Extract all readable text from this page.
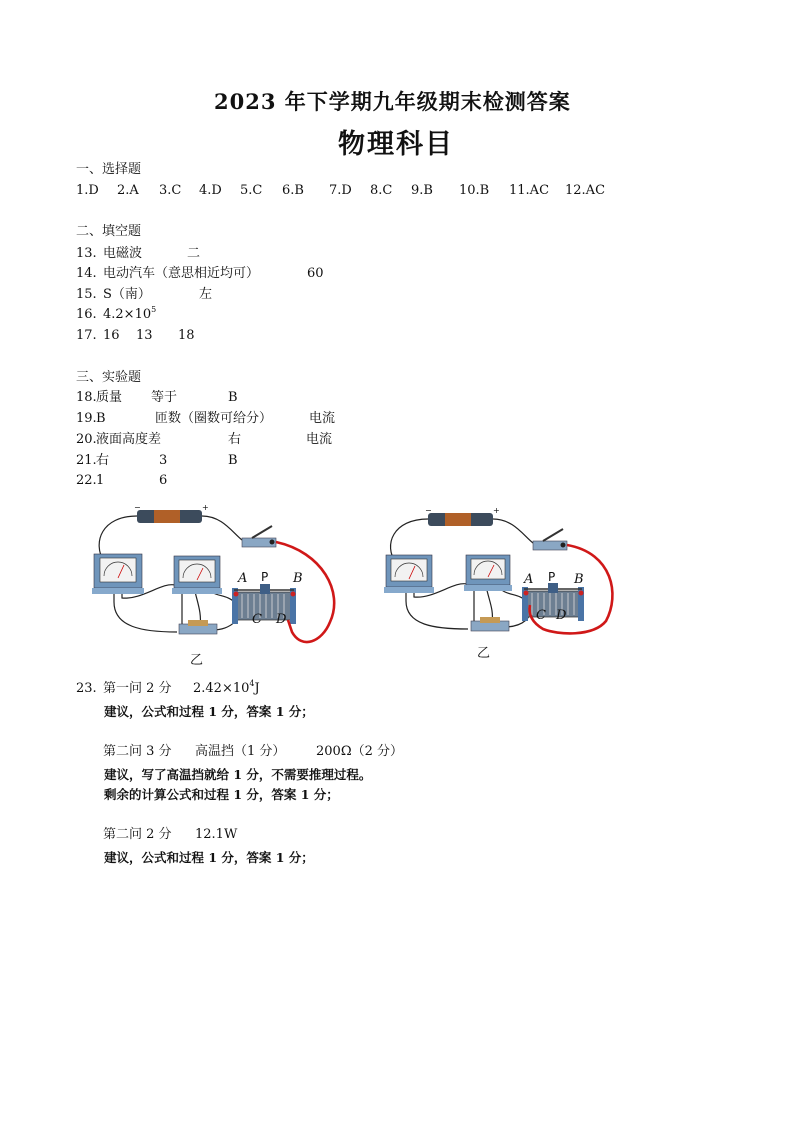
2023 年下学期九年级期末检测答案
物理科目
一、选择题
1.D 2.A 3.C 4.D 5.C 6.B 7.D 8.C 9.B 10.B 11.AC 12.AC
二、填空题
13. 电磁波	二
14. 电动汽车（意思相近均可）	60
15. S（南）	左
16. $4.2\times 10^5$
17. 16 13 18
三、实验题
18. 质量 等于	B
19. B	匝数（圈数可给分）	电流
20. 液面高度差	右	电流
21. 右	3	B
22. 1	6
−	+
A P B
C D
乙
−	+
A P B
C D
乙
23. 第一问 2 分 $2.42\times 10^4J$
建议，公式和过程 1 分，答案 1 分；
第二问 3 分 高温挡（1 分） 200Ω（2 分）
建议，写了高温挡就给 1 分，不需要推理过程。
剩余的计算公式和过程 1 分，答案 1 分；
第二问 2 分 12.1W
建议，公式和过程 1 分，答案 1 分；
